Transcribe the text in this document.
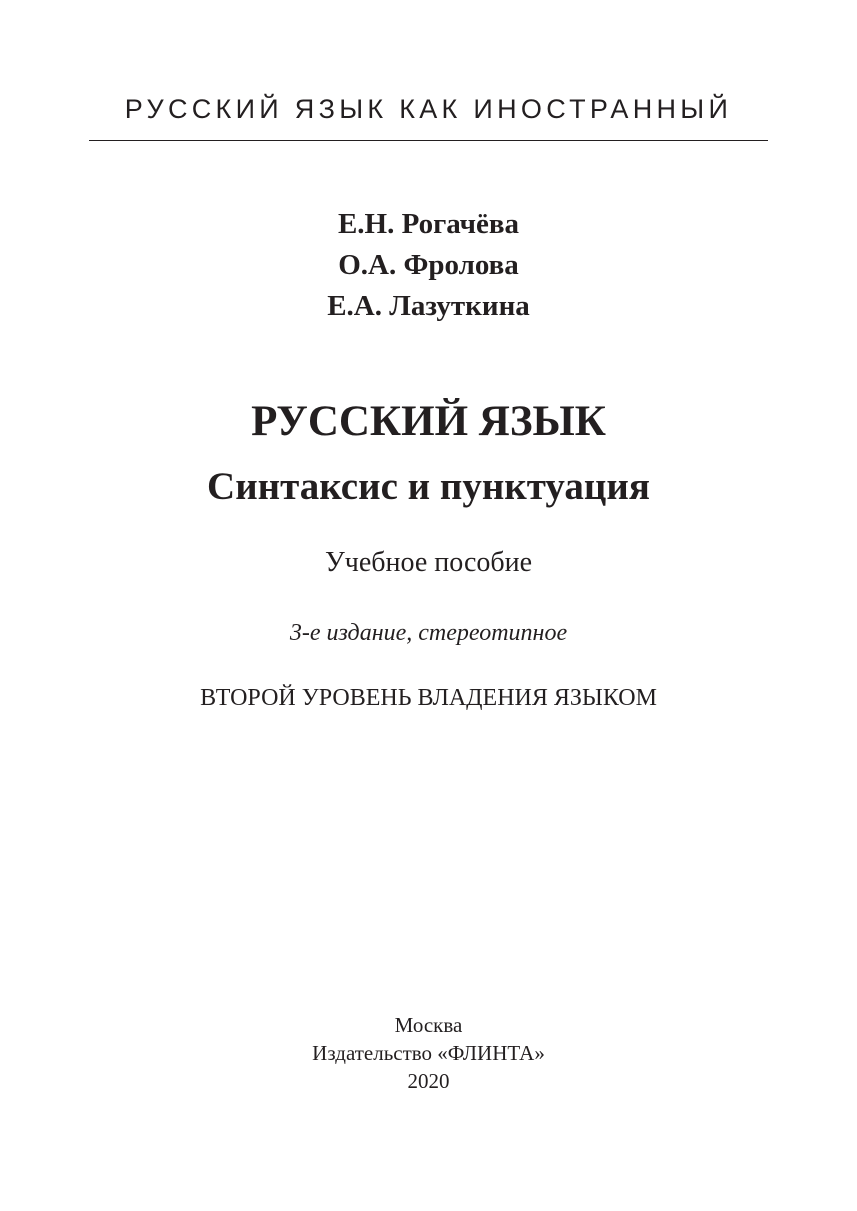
РУССКИЙ ЯЗЫК КАК ИНОСТРАННЫЙ
Е.Н. Рогачёва
О.А. Фролова
Е.А. Лазуткина
РУССКИЙ ЯЗЫК
Синтаксис и пунктуация
Учебное пособие
3-е издание, стереотипное
ВТОРОЙ УРОВЕНЬ ВЛАДЕНИЯ ЯЗЫКОМ
Москва
Издательство «ФЛИНТА»
2020
